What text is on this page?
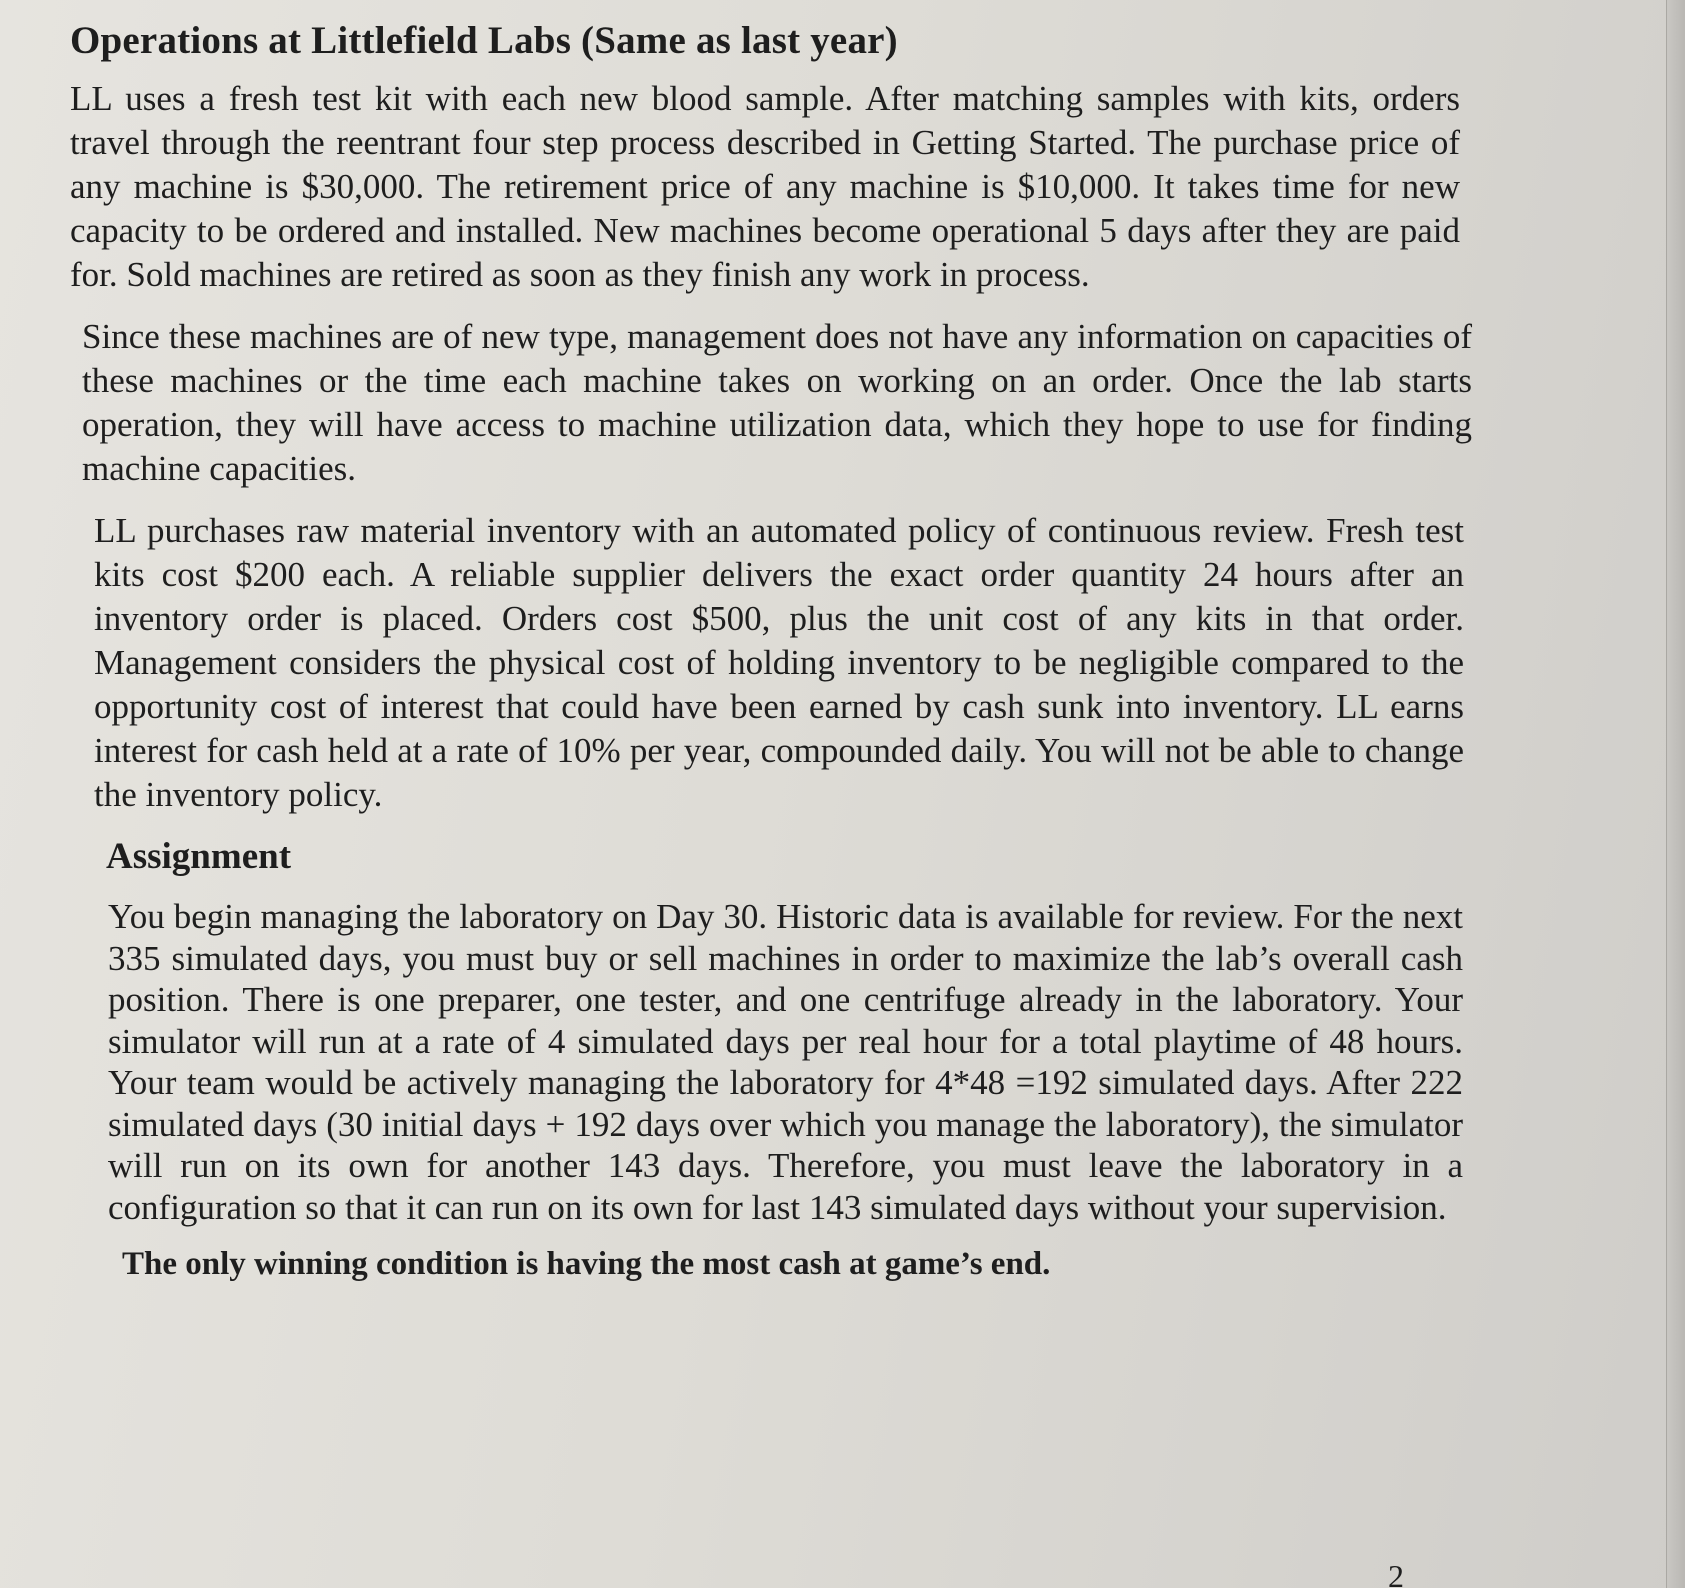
Operations at Littlefield Labs (Same as last year)

LL uses a fresh test kit with each new blood sample. After matching samples with kits, orders travel through the reentrant four step process described in Getting Started. The purchase price of any machine is $30,000. The retirement price of any machine is $10,000. It takes time for new capacity to be ordered and installed. New machines become operational 5 days after they are paid for. Sold machines are retired as soon as they finish any work in process.

Since these machines are of new type, management does not have any information on capacities of these machines or the time each machine takes on working on an order. Once the lab starts operation, they will have access to machine utilization data, which they hope to use for finding machine capacities.

LL purchases raw material inventory with an automated policy of continuous review. Fresh test kits cost $200 each. A reliable supplier delivers the exact order quantity 24 hours after an inventory order is placed. Orders cost $500, plus the unit cost of any kits in that order. Management considers the physical cost of holding inventory to be negligible compared to the opportunity cost of interest that could have been earned by cash sunk into inventory. LL earns interest for cash held at a rate of 10% per year, compounded daily. You will not be able to change the inventory policy.

Assignment

You begin managing the laboratory on Day 30. Historic data is available for review. For the next 335 simulated days, you must buy or sell machines in order to maximize the lab’s overall cash position. There is one preparer, one tester, and one centrifuge already in the laboratory. Your simulator will run at a rate of 4 simulated days per real hour for a total playtime of 48 hours. Your team would be actively managing the laboratory for 4*48 =192 simulated days. After 222 simulated days (30 initial days + 192 days over which you manage the laboratory), the simulator will run on its own for another 143 days. Therefore, you must leave the laboratory in a configuration so that it can run on its own for last 143 simulated days without your supervision.

The only winning condition is having the most cash at game’s end.

2
